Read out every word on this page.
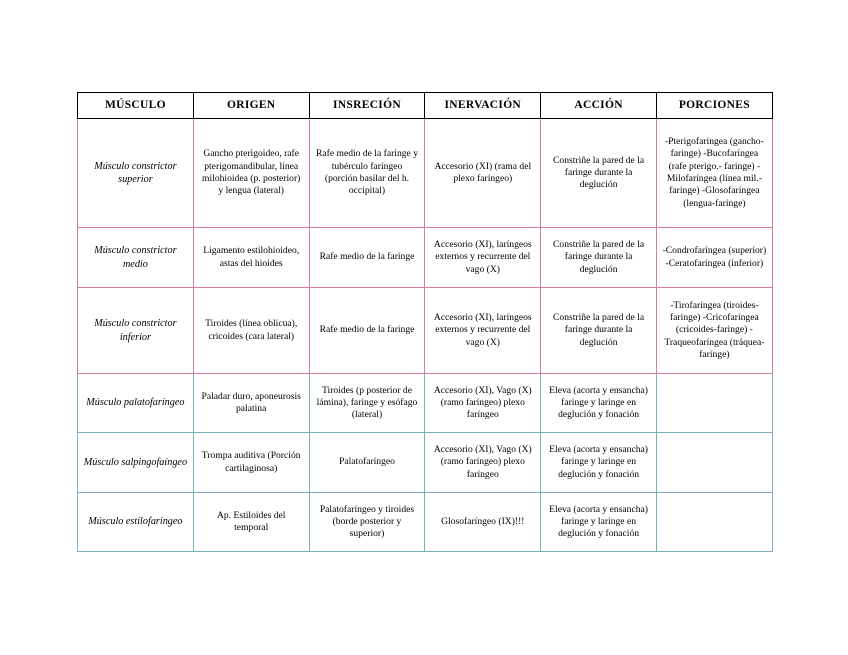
MÚSCULO	ORIGEN	INSRECIÓN	INERVACIÓN	ACCIÓN	PORCIONES
Músculo constrictor superior	Gancho pterigoideo, rafe pterigomandibular, línea milohioidea (p. posterior) y lengua (lateral)	Rafe medio de la faringe y tubérculo faríngeo (porción basilar del h. occipital)	Accesorio (XI) (rama del plexo faríngeo)	Constriñe la pared de la faringe durante la deglución	-Pterigofaríngea (gancho-faringe) -Bucofaríngea (rafe pterigo.- faringe) -Milofaríngea (línea mil.- faringe) -Glosofaríngea (lengua-faringe)
Músculo constrictor medio	Ligamento estilohioideo, astas del hioides	Rafe medio de la faringe	Accesorio (XI), laríngeos externos y recurrente del vago (X)	Constriñe la pared de la faringe durante la deglución	-Condrofaríngea (superior) -Ceratofaríngea (inferior)
Músculo constrictor inferior	Tiroides (línea oblicua), cricoides (cara lateral)	Rafe medio de la faringe	Accesorio (XI), laríngeos externos y recurrente del vago (X)	Constriñe la pared de la faringe durante la deglución	-Tirofaríngea (tiroides-faringe) -Cricofaríngea (cricoides-faringe) -Traqueofaríngea (tráquea-faringe)
Músculo palatofaríngeo	Paladar duro, aponeurosis palatina	Tiroides (p posterior de lámina), faringe y esófago (lateral)	Accesorio (XI), Vago (X) (ramo faríngeo) plexo faríngeo	Eleva (acorta y ensancha) faringe y laringe en deglución y fonación	
Músculo salpingofaíngeo	Trompa auditiva (Porción cartilaginosa)	Palatofaríngeo	Accesorio (XI), Vago (X) (ramo faríngeo) plexo faríngeo	Eleva (acorta y ensancha) faringe y laringe en deglución y fonación	
Músculo estilofaríngeo	Ap. Estiloides del temporal	Palatofaríngeo y tiroides (borde posterior y superior)	Glosofaríngeo (IX)!!!	Eleva (acorta y ensancha) faringe y laringe en deglución y fonación	
